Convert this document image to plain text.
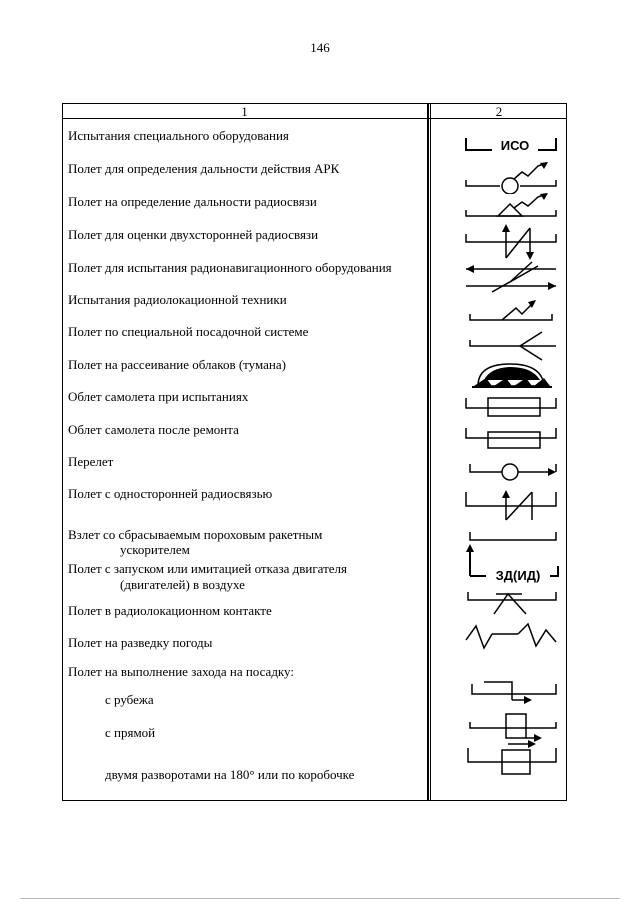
146
1	2
Испытания специального оборудования
Полет для определения дальности действия АРК
Полет на определение дальности радиосвязи
Полет для оценки двухсторонней радиосвязи
Полет для испытания радионавигационного оборудования
Испытания радиолокационной техники
Полет по специальной посадочной системе
Полет на рассеивание облаков (тумана)
Облет самолета при испытаниях
Облет самолета после ремонта
Перелет
Полет с односторонней радиосвязью
Взлет со сбрасываемым пороховым ракетным
ускорителем
Полет с запуском или имитацией отказа двигателя
(двигателей) в воздухе
Полет в радиолокационном контакте
Полет на разведку погоды
Полет на выполнение захода на посадку:
с рубежа
с прямой
двумя разворотами на 180° или по коробочке
ИСО
ЗД(ИД)
